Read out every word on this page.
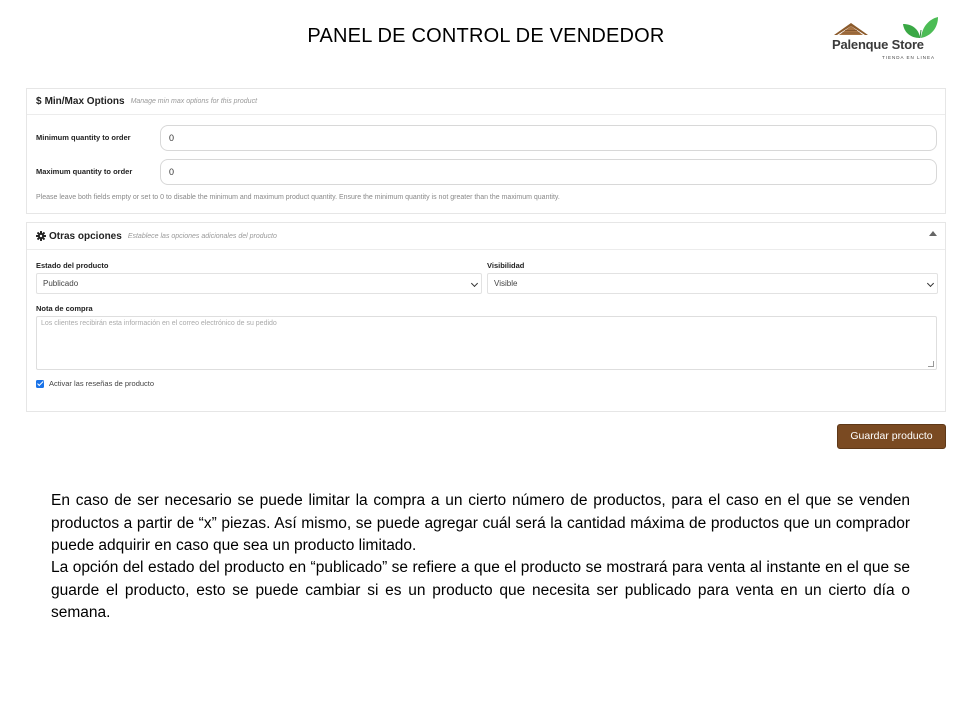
PANEL DE CONTROL DE VENDEDOR	Palenque Store
TIENDA EN LINEA
$ Min/Max Options Manage min max options for this product
Minimum quantity to order	0
Maximum quantity to order	0
Please leave both fields empty or set to 0 to disable the minimum and maximum product quantity. Ensure the minimum quantity is not greater than the maximum quantity.
Otras opciones Establece las opciones adicionales del producto
Estado del producto
Publicado
Visibilidad
Visible
Nota de compra
Los clientes recibirán esta información en el correo electrónico de su pedido
Activar las reseñas de producto
Guardar producto

En caso de ser necesario se puede limitar la compra a un cierto número de productos, para el caso en el que se venden productos a partir de “x” piezas. Así mismo, se puede agregar cuál será la cantidad máxima de productos que un comprador puede adquirir en caso que sea un producto limitado.

La opción del estado del producto en “publicado” se refiere a que el producto se mostrará para venta al instante en el que se guarde el producto, esto se puede cambiar si es un producto que necesita ser publicado para venta en un cierto día o semana.
